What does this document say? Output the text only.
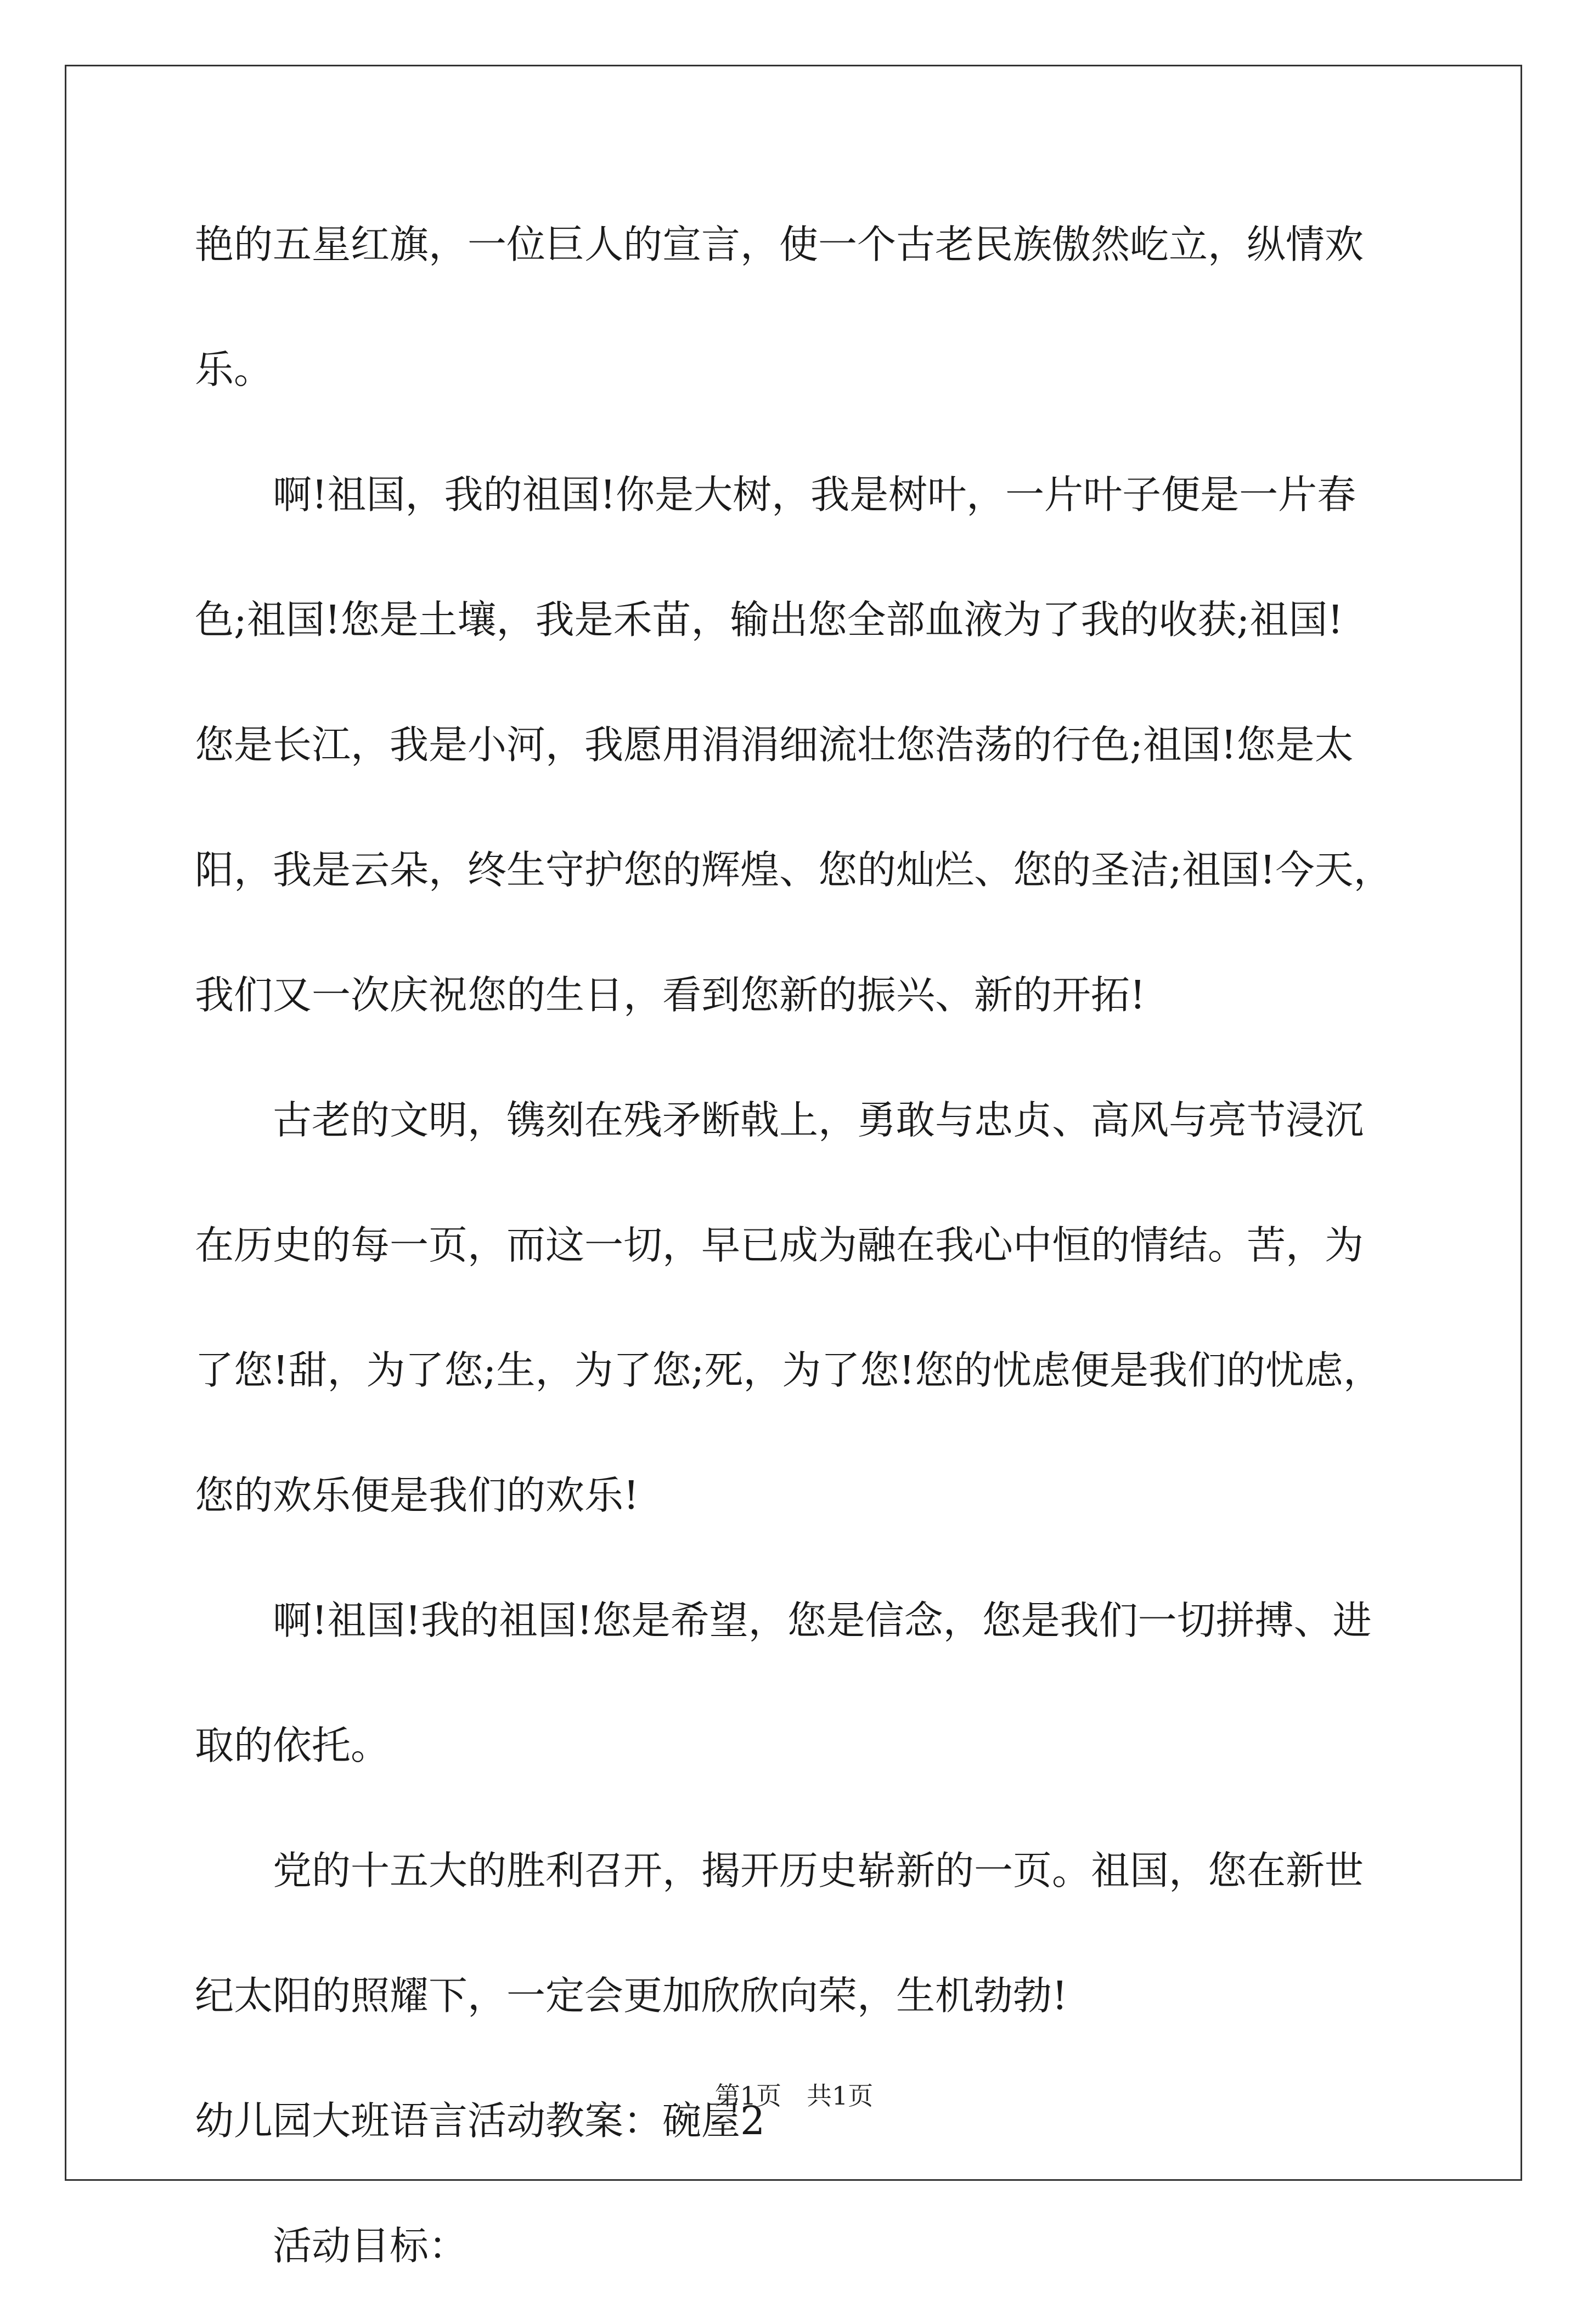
艳的五星红旗，一位巨人的宣言，使一个古老民族傲然屹立，纵情欢
乐。
啊!祖国，我的祖国!你是大树，我是树叶，一片叶子便是一片春
色;祖国!您是土壤，我是禾苗，输出您全部血液为了我的收获;祖国!
您是长江，我是小河，我愿用涓涓细流壮您浩荡的行色;祖国!您是太
阳，我是云朵，终生守护您的辉煌、您的灿烂、您的圣洁;祖国!今天，
我们又一次庆祝您的生日，看到您新的振兴、新的开拓!
古老的文明，镌刻在残矛断戟上，勇敢与忠贞、高风与亮节浸沉
在历史的每一页，而这一切，早已成为融在我心中恒的情结。苦，为
了您!甜，为了您;生，为了您;死，为了您!您的忧虑便是我们的忧虑，
您的欢乐便是我们的欢乐!
啊!祖国!我的祖国!您是希望，您是信念，您是我们一切拼搏、进
取的依托。
党的十五大的胜利召开，揭开历史崭新的一页。祖国，您在新世
纪太阳的照耀下，一定会更加欣欣向荣，生机勃勃!
幼儿园大班语言活动教案：碗屋2
活动目标：
第1页　共1页
